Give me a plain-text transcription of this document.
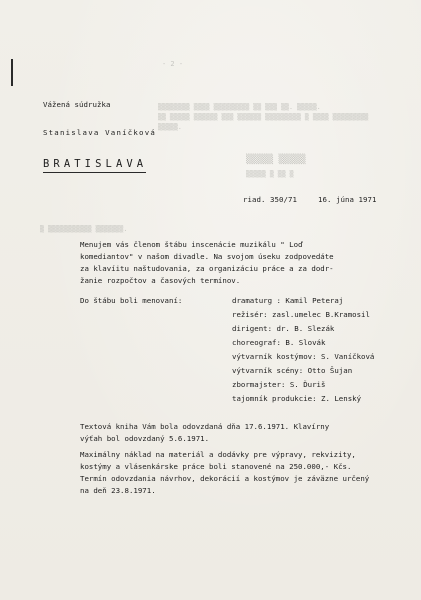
- 2 -
▒▒▒▒▒▒▒▒ ▒▒▒▒ ▒▒▒▒▒▒▒▒▒ ▒▒ ▒▒▒ ▒▒. ▒▒▒▒▒.
▒▒ ▒▒▒▒▒ ▒▒▒▒▒▒ ▒▒▒ ▒▒▒▒▒▒ ▒▒▒▒▒▒▒▒▒ ▒ ▒▒▒▒ ▒▒▒▒▒▒▒▒▒
▒▒▒▒▒.
▒▒▒▒▒ ▒▒▒▒▒
▒▒▒▒▒ ▒ ▒▒ ▒
▒ ▒▒▒▒▒▒▒▒▒▒▒ ▒▒▒▒▒▒▒.
Vážená súdružka
Stanislava Vaníčková
BRATISLAVA
riad. 350/71	16. júna 1971
Menujem vás členom štábu inscenácie muzikálu " Loď
komediantov" v našom divadle. Na svojom úseku zodpovedáte
za klavíitu naštudovania, za organizáciu práce a za dodr-
žanie rozpočtov a časových termínov.
Do štábu boli menovaní:	dramaturg : Kamil Peteraj
režisér: zasl.umelec B.Kramosil
dirigent: dr. B. Slezák
choreograf: B. Slovák
výtvarník kostýmov: S. Vaníčková
výtvarník scény: Otto Šujan
zbormajster: S. Ďuriš
tajomník produkcie: Z. Lenský
Textová kniha Vám bola odovzdaná dňa 17.6.1971. Klavírny
výťah bol odovzdaný 5.6.1971.
Maximálny náklad na materiál a dodávky pre výpravy, rekvizity,
kostýmy a vlásenkárske práce boli stanovené na 250.000,- Kčs.
Termín odovzdania návrhov, dekorácií a kostýmov je záväzne určený
na deň 23.8.1971.
